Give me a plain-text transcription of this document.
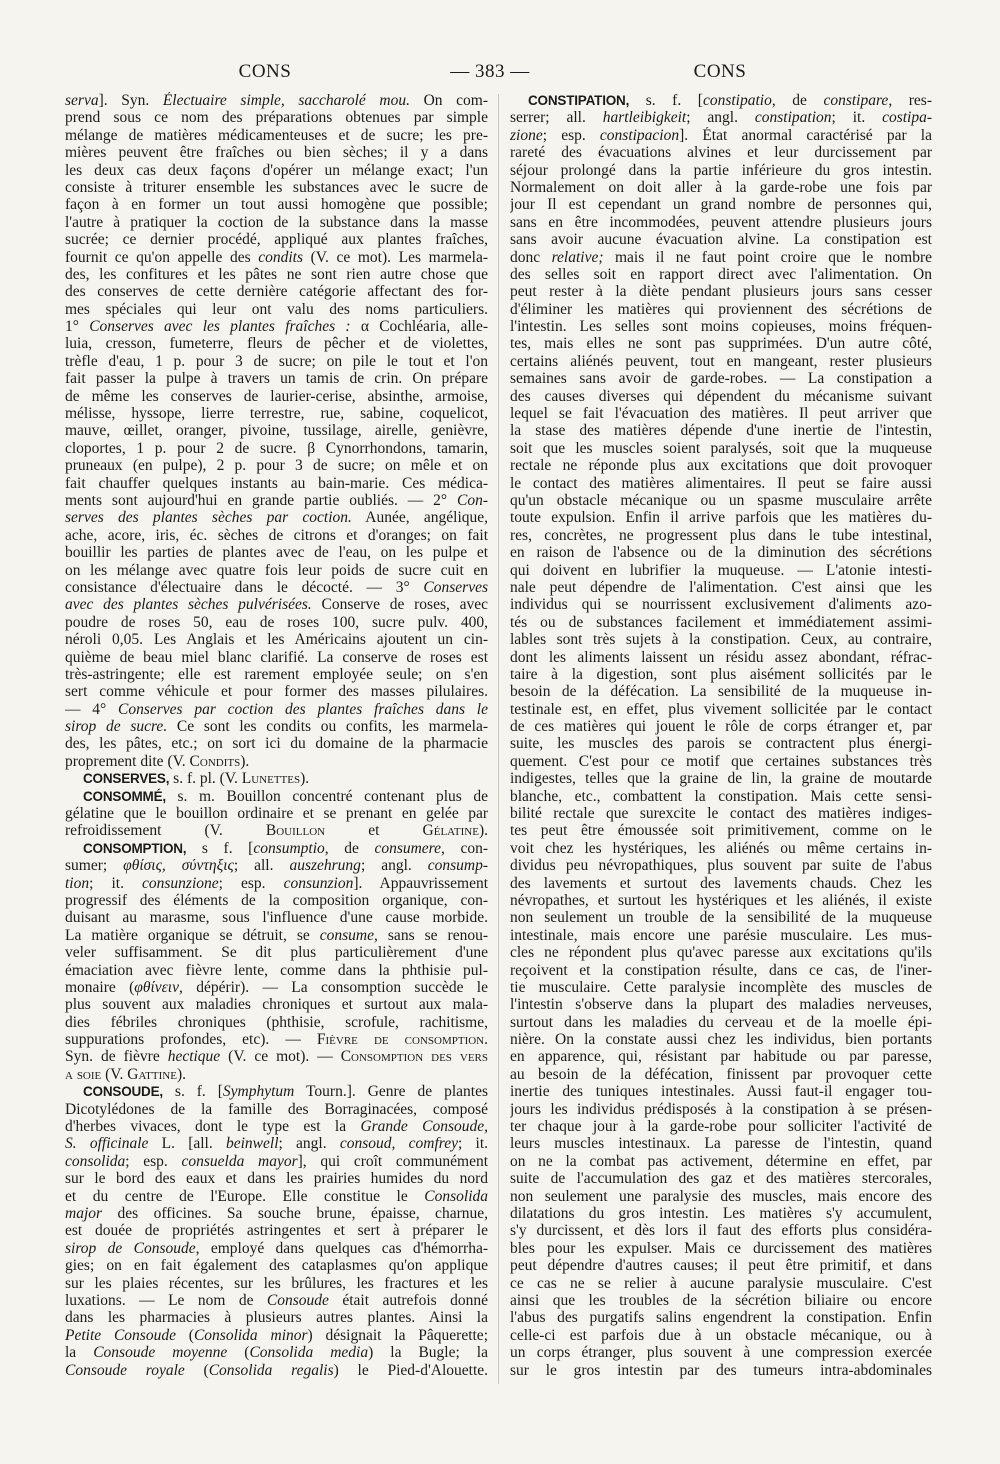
CONS	— 383 —	CONS
serva]. Syn. Électuaire simple, saccharolé mou. On com-
prend sous ce nom des préparations obtenues par simple
mélange de matières médicamenteuses et de sucre; les pre-
mières peuvent être fraîches ou bien sèches; il y a dans
les deux cas deux façons d'opérer un mélange exact; l'un
consiste à triturer ensemble les substances avec le sucre de
façon à en former un tout aussi homogène que possible;
l'autre à pratiquer la coction de la substance dans la masse
sucrée; ce dernier procédé, appliqué aux plantes fraîches,
fournit ce qu'on appelle des condits (V. ce mot). Les marmela-
des, les confitures et les pâtes ne sont rien autre chose que
des conserves de cette dernière catégorie affectant des for-
mes spéciales qui leur ont valu des noms particuliers.
1° Conserves avec les plantes fraîches : α Cochléaria, alle-
luia, cresson, fumeterre, fleurs de pêcher et de violettes,
trèfle d'eau, 1 p. pour 3 de sucre; on pile le tout et l'on
fait passer la pulpe à travers un tamis de crin. On prépare
de même les conserves de laurier-cerise, absinthe, armoise,
mélisse, hyssope, lierre terrestre, rue, sabine, coquelicot,
mauve, œillet, oranger, pivoine, tussilage, airelle, genièvre,
cloportes, 1 p. pour 2 de sucre. β Cynorrhondons, tamarin,
pruneaux (en pulpe), 2 p. pour 3 de sucre; on mêle et on
fait chauffer quelques instants au bain-marie. Ces médica-
ments sont aujourd'hui en grande partie oubliés. — 2° Con-
serves des plantes sèches par coction. Aunée, angélique,
ache, acore, iris, éc. sèches de citrons et d'oranges; on fait
bouillir les parties de plantes avec de l'eau, on les pulpe et
on les mélange avec quatre fois leur poids de sucre cuit en
consistance d'électuaire dans le décocté. — 3° Conserves
avec des plantes sèches pulvérisées. Conserve de roses, avec
poudre de roses 50, eau de roses 100, sucre pulv. 400,
néroli 0,05. Les Anglais et les Américains ajoutent un cin-
quième de beau miel blanc clarifié. La conserve de roses est
très-astringente; elle est rarement employée seule; on s'en
sert comme véhicule et pour former des masses pilulaires.
— 4° Conserves par coction des plantes fraîches dans le
sirop de sucre. Ce sont les condits ou confits, les marmela-
des, les pâtes, etc.; on sort ici du domaine de la pharmacie
proprement dite (V. Condits).
CONSERVES, s. f. pl. (V. Lunettes).
CONSOMMÉ, s. m. Bouillon concentré contenant plus de
gélatine que le bouillon ordinaire et se prenant en gelée par
refroidissement (V. Bouillon et Gélatine).
CONSOMPTION, s f. [consumptio, de consumere, con-
sumer; φθίσις, σύντηξις; all. auszehrung; angl. consump-
tion; it. consunzione; esp. consunzion]. Appauvrissement
progressif des éléments de la composition organique, con-
duisant au marasme, sous l'influence d'une cause morbide.
La matière organique se détruit, se consume, sans se renou-
veler suffisamment. Se dit plus particulièrement d'une
émaciation avec fièvre lente, comme dans la phthisie pul-
monaire (φθίνειν, dépérir). — La consomption succède le
plus souvent aux maladies chroniques et surtout aux mala-
dies fébriles chroniques (phthisie, scrofule, rachitisme,
suppurations profondes, etc). — Fièvre de consomption.
Syn. de fièvre hectique (V. ce mot). — Consomption des vers
a soie (V. Gattine).
CONSOUDE, s. f. [Symphytum Tourn.]. Genre de plantes
Dicotylédones de la famille des Borraginacées, composé
d'herbes vivaces, dont le type est la Grande Consoude,
S. officinale L. [all. beinwell; angl. consoud, comfrey; it.
consolida; esp. consuelda mayor], qui croît communément
sur le bord des eaux et dans les prairies humides du nord
et du centre de l'Europe. Elle constitue le Consolida
major des officines. Sa souche brune, épaisse, charnue,
est douée de propriétés astringentes et sert à préparer le
sirop de Consoude, employé dans quelques cas d'hémorrha-
gies; on en fait également des cataplasmes qu'on applique
sur les plaies récentes, sur les brûlures, les fractures et les
luxations. — Le nom de Consoude était autrefois donné
dans les pharmacies à plusieurs autres plantes. Ainsi la
Petite Consoude (Consolida minor) désignait la Pâquerette;
la Consoude moyenne (Consolida media) la Bugle; la
Consoude royale (Consolida regalis) le Pied-d'Alouette.
CONSTIPATION, s. f. [constipatio, de constipare, res-
serrer; all. hartleibigkeit; angl. constipation; it. costipa-
zione; esp. constipacion]. État anormal caractérisé par la
rareté des évacuations alvines et leur durcissement par
séjour prolongé dans la partie inférieure du gros intestin.
Normalement on doit aller à la garde-robe une fois par
jour Il est cependant un grand nombre de personnes qui,
sans en être incommodées, peuvent attendre plusieurs jours
sans avoir aucune évacuation alvine. La constipation est
donc relative; mais il ne faut point croire que le nombre
des selles soit en rapport direct avec l'alimentation. On
peut rester à la diète pendant plusieurs jours sans cesser
d'éliminer les matières qui proviennent des sécrétions de
l'intestin. Les selles sont moins copieuses, moins fréquen-
tes, mais elles ne sont pas supprimées. D'un autre côté,
certains aliénés peuvent, tout en mangeant, rester plusieurs
semaines sans avoir de garde-robes. — La constipation a
des causes diverses qui dépendent du mécanisme suivant
lequel se fait l'évacuation des matières. Il peut arriver que
la stase des matières dépende d'une inertie de l'intestin,
soit que les muscles soient paralysés, soit que la muqueuse
rectale ne réponde plus aux excitations que doit provoquer
le contact des matières alimentaires. Il peut se faire aussi
qu'un obstacle mécanique ou un spasme musculaire arrête
toute expulsion. Enfin il arrive parfois que les matières du-
res, concrètes, ne progressent plus dans le tube intestinal,
en raison de l'absence ou de la diminution des sécrétions
qui doivent en lubrifier la muqueuse. — L'atonie intesti-
nale peut dépendre de l'alimentation. C'est ainsi que les
individus qui se nourrissent exclusivement d'aliments azo-
tés ou de substances facilement et immédiatement assimi-
lables sont très sujets à la constipation. Ceux, au contraire,
dont les aliments laissent un résidu assez abondant, réfrac-
taire à la digestion, sont plus aisément sollicités par le
besoin de la défécation. La sensibilité de la muqueuse in-
testinale est, en effet, plus vivement sollicitée par le contact
de ces matières qui jouent le rôle de corps étranger et, par
suite, les muscles des parois se contractent plus énergi-
quement. C'est pour ce motif que certaines substances très
indigestes, telles que la graine de lin, la graine de moutarde
blanche, etc., combattent la constipation. Mais cette sensi-
bilité rectale que surexcite le contact des matières indiges-
tes peut être émoussée soit primitivement, comme on le
voit chez les hystériques, les aliénés ou même certains in-
dividus peu névropathiques, plus souvent par suite de l'abus
des lavements et surtout des lavements chauds. Chez les
névropathes, et surtout les hystériques et les aliénés, il existe
non seulement un trouble de la sensibilité de la muqueuse
intestinale, mais encore une parésie musculaire. Les mus-
cles ne répondent plus qu'avec paresse aux excitations qu'ils
reçoivent et la constipation résulte, dans ce cas, de l'iner-
tie musculaire. Cette paralysie incomplète des muscles de
l'intestin s'observe dans la plupart des maladies nerveuses,
surtout dans les maladies du cerveau et de la moelle épi-
nière. On la constate aussi chez les individus, bien portants
en apparence, qui, résistant par habitude ou par paresse,
au besoin de la défécation, finissent par provoquer cette
inertie des tuniques intestinales. Aussi faut-il engager tou-
jours les individus prédisposés à la constipation à se présen-
ter chaque jour à la garde-robe pour solliciter l'activité de
leurs muscles intestinaux. La paresse de l'intestin, quand
on ne la combat pas activement, détermine en effet, par
suite de l'accumulation des gaz et des matières stercorales,
non seulement une paralysie des muscles, mais encore des
dilatations du gros intestin. Les matières s'y accumulent,
s'y durcissent, et dès lors il faut des efforts plus considéra-
bles pour les expulser. Mais ce durcissement des matières
peut dépendre d'autres causes; il peut être primitif, et dans
ce cas ne se relier à aucune paralysie musculaire. C'est
ainsi que les troubles de la sécrétion biliaire ou encore
l'abus des purgatifs salins engendrent la constipation. Enfin
celle-ci est parfois due à un obstacle mécanique, ou à
un corps étranger, plus souvent à une compression exercée
sur le gros intestin par des tumeurs intra-abdominales
